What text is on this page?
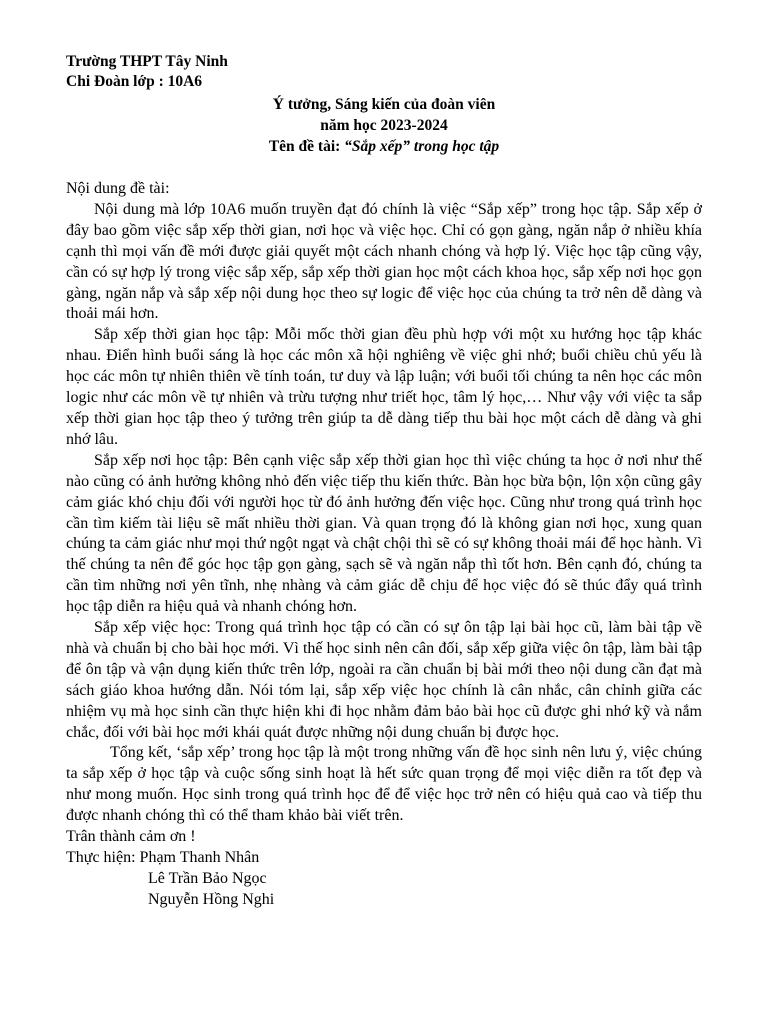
Trường THPT Tây Ninh
Chi Đoàn lớp : 10A6
Ý tưởng, Sáng kiến của đoàn viên
năm học 2023-2024
Tên đề tài: “Sắp xếp” trong học tập

Nội dung đề tài:

Nội dung mà lớp 10A6 muốn truyền đạt đó chính là việc “Sắp xếp” trong học tập. Sắp xếp ở đây bao gồm việc sắp xếp thời gian, nơi học và việc học. Chỉ có gọn gàng, ngăn nắp ở nhiều khía cạnh thì mọi vấn đề mới được giải quyết một cách nhanh chóng và hợp lý. Việc học tập cũng vậy, cần có sự hợp lý trong việc sắp xếp, sắp xếp thời gian học một cách khoa học, sắp xếp nơi học gọn gàng, ngăn nắp và sắp xếp nội dung học theo sự logic để việc học của chúng ta trở nên dễ dàng và thoải mái hơn.

Sắp xếp thời gian học tập: Mỗi mốc thời gian đều phù hợp với một xu hướng học tập khác nhau. Điển hình buổi sáng là học các môn xã hội nghiêng về việc ghi nhớ; buổi chiều chủ yếu là học các môn tự nhiên thiên về tính toán, tư duy và lập luận; với buổi tối chúng ta nên học các môn logic như các môn về tự nhiên và trừu tượng như triết học, tâm lý học,… Như vậy với việc ta sắp xếp thời gian học tập theo ý tưởng trên giúp ta dễ dàng tiếp thu bài học một cách dễ dàng và ghi nhớ lâu.

Sắp xếp nơi học tập: Bên cạnh việc sắp xếp thời gian học thì việc chúng ta học ở nơi như thế nào cũng có ảnh hưởng không nhỏ đến việc tiếp thu kiến thức. Bàn học bừa bộn, lộn xộn cũng gây cảm giác khó chịu đối với người học từ đó ảnh hưởng đến việc học. Cũng như trong quá trình học cần tìm kiếm tài liệu sẽ mất nhiều thời gian. Và quan trọng đó là không gian nơi học, xung quan chúng ta cảm giác như mọi thứ ngột ngạt và chật chội thì sẽ có sự không thoải mái để học hành. Vì thế chúng ta nên để góc học tập gọn gàng, sạch sẽ và ngăn nắp thì tốt hơn. Bên cạnh đó, chúng ta cần tìm những nơi yên tĩnh, nhẹ nhàng và cảm giác dễ chịu để học việc đó sẽ thúc đẩy quá trình học tập diễn ra hiệu quả và nhanh chóng hơn.

Sắp xếp việc học: Trong quá trình học tập có cần có sự ôn tập lại bài học cũ, làm bài tập về nhà và chuẩn bị cho bài học mới. Vì thế học sinh nên cân đối, sắp xếp giữa việc ôn tập, làm bài tập để ôn tập và vận dụng kiến thức trên lớp, ngoài ra cần chuẩn bị bài mới theo nội dung cần đạt mà sách giáo khoa hướng dẫn. Nói tóm lại, sắp xếp việc học chính là cân nhắc, cân chỉnh giữa các nhiệm vụ mà học sinh cần thực hiện khi đi học nhằm đảm bảo bài học cũ được ghi nhớ kỹ và nắm chắc, đối với bài học mới khái quát được những nội dung chuẩn bị được học.

Tổng kết, ‘sắp xếp’ trong học tập là một trong những vấn đề học sinh nên lưu ý, việc chúng ta sắp xếp ở học tập và cuộc sống sinh hoạt là hết sức quan trọng để mọi việc diễn ra tốt đẹp và như mong muốn. Học sinh trong quá trình học để để việc học trở nên có hiệu quả cao và tiếp thu được nhanh chóng thì có thể tham khảo bài viết trên.

Trân thành cảm ơn !

Thực hiện: Phạm Thanh Nhân

Lê Trần Bảo Ngọc

Nguyễn Hồng Nghi
